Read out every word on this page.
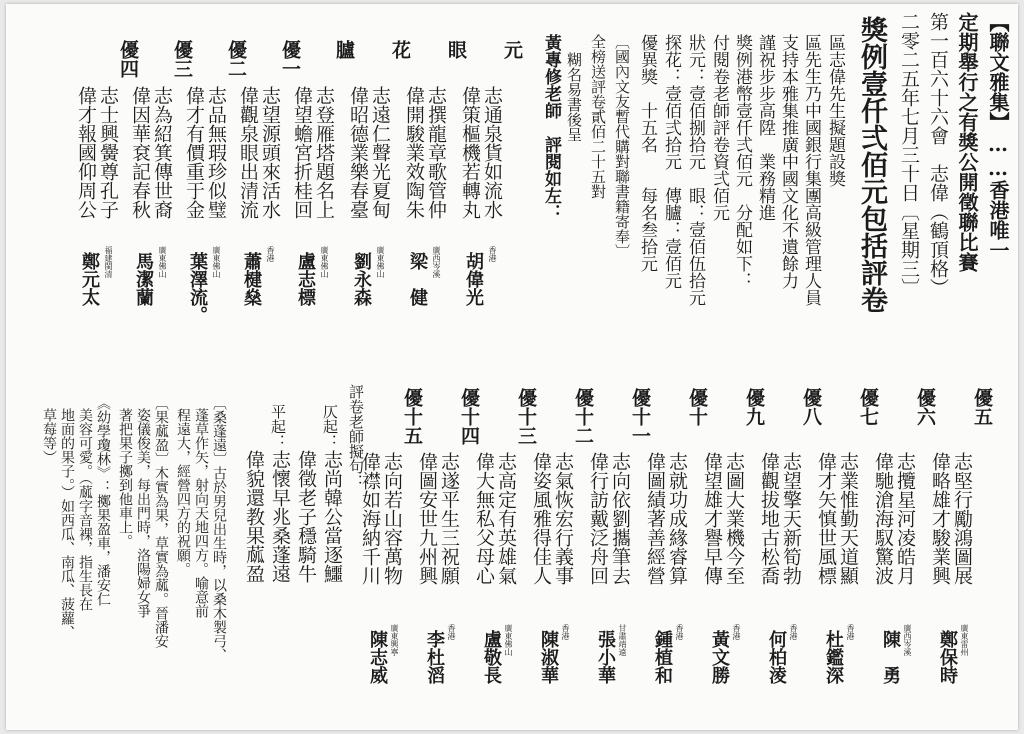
【聯文雅集】……香港唯一
定期舉行之有獎公開徵聯比賽
第一百六十六會　志偉（鶴頂格）
二零二五年七月三十日〔星期三〕
獎例壹仟弍佰元包括評卷
區志偉先生擬題設獎
區先生乃中國銀行集團高級管理人員
支持本雅集推廣中國文化不遺餘力
謹祝步步高陞　業務精進
獎例港幣壹仟弍佰元　分配如下：
付閱卷老師評卷資弍佰元
狀元：壹佰捌拾元　眼：壹佰伍拾元
探花：壹佰弍拾元　傳臚：壹佰元
優異獎　十五名　　每名叁拾元
〔國內文友暫代購對聯書籍寄奉〕
全榜送評卷貳佰二十五對
糊名易書後呈
黃專修老師　評閱如左：
元
志通泉貨如流水
偉策樞機若轉丸
香港
胡偉光
眼
志撰龍章歌管仲
偉開駿業效陶朱
廣西岑溪
梁　健
花
志遠仁聲光夏甸
偉昭德業樂春臺
廣東佛山
劉永森
臚
志登雁塔題名上
偉望蟾宮折桂回
廣東佛山
盧志標
優一
志望源頭來活水
偉觀泉眼出清流
香港
蕭楗燊
優二
志品無瑕珍似璧
偉才有價重于金
廣東佛山
葉澤流。
優三
志為紹箕傳世裔
偉因華袞記春秋
廣東佛山
馬潔蘭
優四
志士興黌尊孔子
偉才報國仰周公
福建閩清
鄭元太
優五
志堅行勵鴻圖展
偉略雄才駿業興
廣東雷州
鄭保時
優六
志攬星河凌皓月
偉馳滄海馭驚波
廣西岑溪
陳　勇
優七
志業惟勤天道顯
偉才矢慎世風標
香港
杜鑑深
優八
志望擎天新筍勃
偉觀拔地古松喬
香港
何柏淩
優九
志圖大業機今至
偉望雄才譽早傳
香港
黃文勝
優十
志就功成緣睿算
偉圖績著善經營
香港
鍾植和
優十一
志向依劉攜筆去
偉行訪戴泛舟回
甘肅靖遠
張小華
優十二
志氣恢宏行義事
偉姿風雅得佳人
香港
陳淑華
優十三
志高定有英雄氣
偉大無私父母心
廣東佛山
盧敬長
優十四
志遂平生三祝願
偉圖安世九州興
香港
李杜滔
優十五
志向若山容萬物
偉襟如海納千川
廣東興寧
陳志威
評卷老師擬句：
仄起：
志尚韓公當逐鱷
偉徵老子穩騎牛
平起：
志懷早兆桑蓬遠
偉貌還教果蓏盈
〔桑蓬遠〕古於男兒出生時，以桑木製弓、
蓬草作矢，射向天地四方。喻意前
程遠大，經營四方的祝願。
〔果蓏盈〕木實為果，草實為蓏。晉潘安
姿儀俊美，每出門時，洛陽婦女爭
著把果子擲到他車上。
《幼學瓊林》：擲果盈車，潘安仁
美容可愛。（蓏字音裸，指生長在
地面的果子。）如西瓜、南瓜、菠蘿、
草莓等）
